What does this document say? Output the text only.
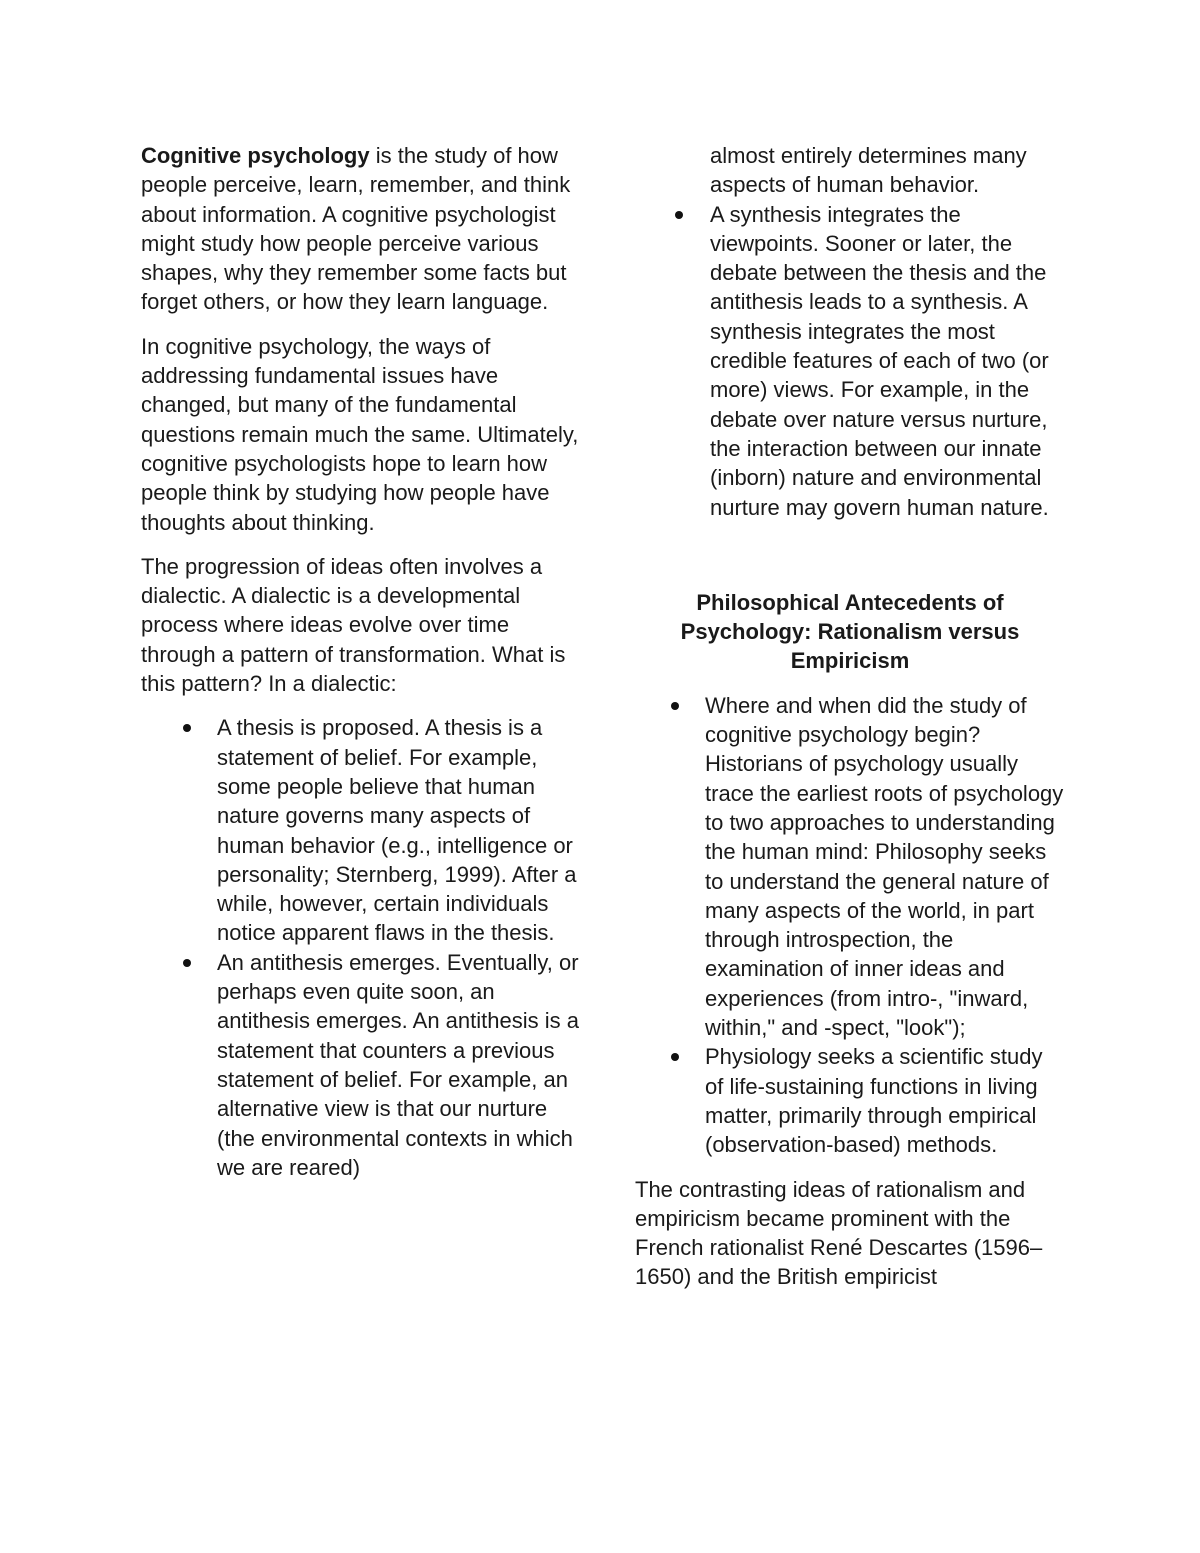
Cognitive psychology is the study of how people perceive, learn, remember, and think about information. A cognitive psychologist might study how people perceive various shapes, why they remember some facts but forget others, or how they learn language.

In cognitive psychology, the ways of addressing fundamental issues have changed, but many of the fundamental questions remain much the same. Ultimately, cognitive psychologists hope to learn how people think by studying how people have thoughts about thinking.

The progression of ideas often involves a dialectic. A dialectic is a developmental process where ideas evolve over time through a pattern of transformation. What is this pattern? In a dialectic:

A thesis is proposed. A thesis is a statement of belief. For example, some people believe that human nature governs many aspects of human behavior (e.g., intelligence or personality; Sternberg, 1999). After a while, however, certain individuals notice apparent flaws in the thesis.
An antithesis emerges. Eventually, or perhaps even quite soon, an antithesis emerges. An antithesis is a statement that counters a previous statement of belief. For example, an alternative view is that our nurture (the environmental contexts in which we are reared)
almost entirely determines many aspects of human behavior.
A synthesis integrates the viewpoints. Sooner or later, the debate between the thesis and the antithesis leads to a synthesis. A synthesis integrates the most credible features of each of two (or more) views. For example, in the debate over nature versus nurture, the interaction between our innate (inborn) nature and environmental nurture may govern human nature.
Philosophical Antecedents of Psychology: Rationalism versus Empiricism
Where and when did the study of cognitive psychology begin? Historians of psychology usually trace the earliest roots of psychology to two approaches to understanding the human mind: Philosophy seeks to understand the general nature of many aspects of the world, in part through introspection, the examination of inner ideas and experiences (from intro-, "inward, within," and -spect, "look");
Physiology seeks a scientific study of life-sustaining functions in living matter, primarily through empirical (observation-based) methods.

The contrasting ideas of rationalism and empiricism became prominent with the French rationalist René Descartes (1596–1650) and the British empiricist
